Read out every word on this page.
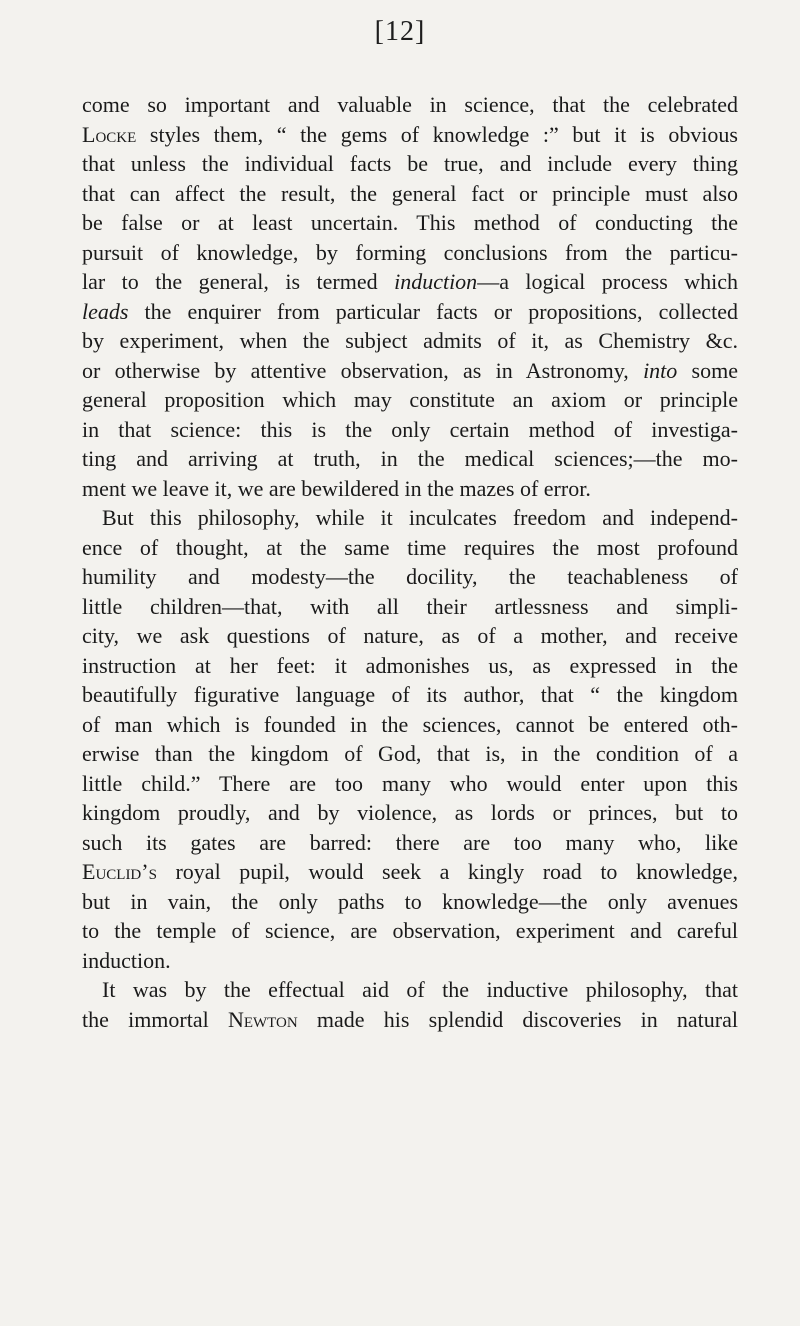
[12]
come so important and valuable in science, that the celebrated
Locke styles them, “ the gems of knowledge :” but it is obvious
that unless the individual facts be true, and include every thing
that can affect the result, the general fact or principle must also
be false or at least uncertain. This method of conducting the
pursuit of knowledge, by forming conclusions from the particu-
lar to the general, is termed induction—a logical process which
leads the enquirer from particular facts or propositions, collected
by experiment, when the subject admits of it, as Chemistry &c.
or otherwise by attentive observation, as in Astronomy, into some
general proposition which may constitute an axiom or principle
in that science: this is the only certain method of investiga-
ting and arriving at truth, in the medical sciences;—the mo-
ment we leave it, we are bewildered in the mazes of error.
But this philosophy, while it inculcates freedom and independ-
ence of thought, at the same time requires the most profound
humility and modesty—the docility, the teachableness of
little children—that, with all their artlessness and simpli-
city, we ask questions of nature, as of a mother, and receive
instruction at her feet: it admonishes us, as expressed in the
beautifully figurative language of its author, that “ the kingdom
of man which is founded in the sciences, cannot be entered oth-
erwise than the kingdom of God, that is, in the condition of a
little child.” There are too many who would enter upon this
kingdom proudly, and by violence, as lords or princes, but to
such its gates are barred: there are too many who, like
Euclid’s royal pupil, would seek a kingly road to knowledge,
but in vain, the only paths to knowledge—the only avenues
to the temple of science, are observation, experiment and careful
induction.
It was by the effectual aid of the inductive philosophy, that
the immortal Newton made his splendid discoveries in natural
